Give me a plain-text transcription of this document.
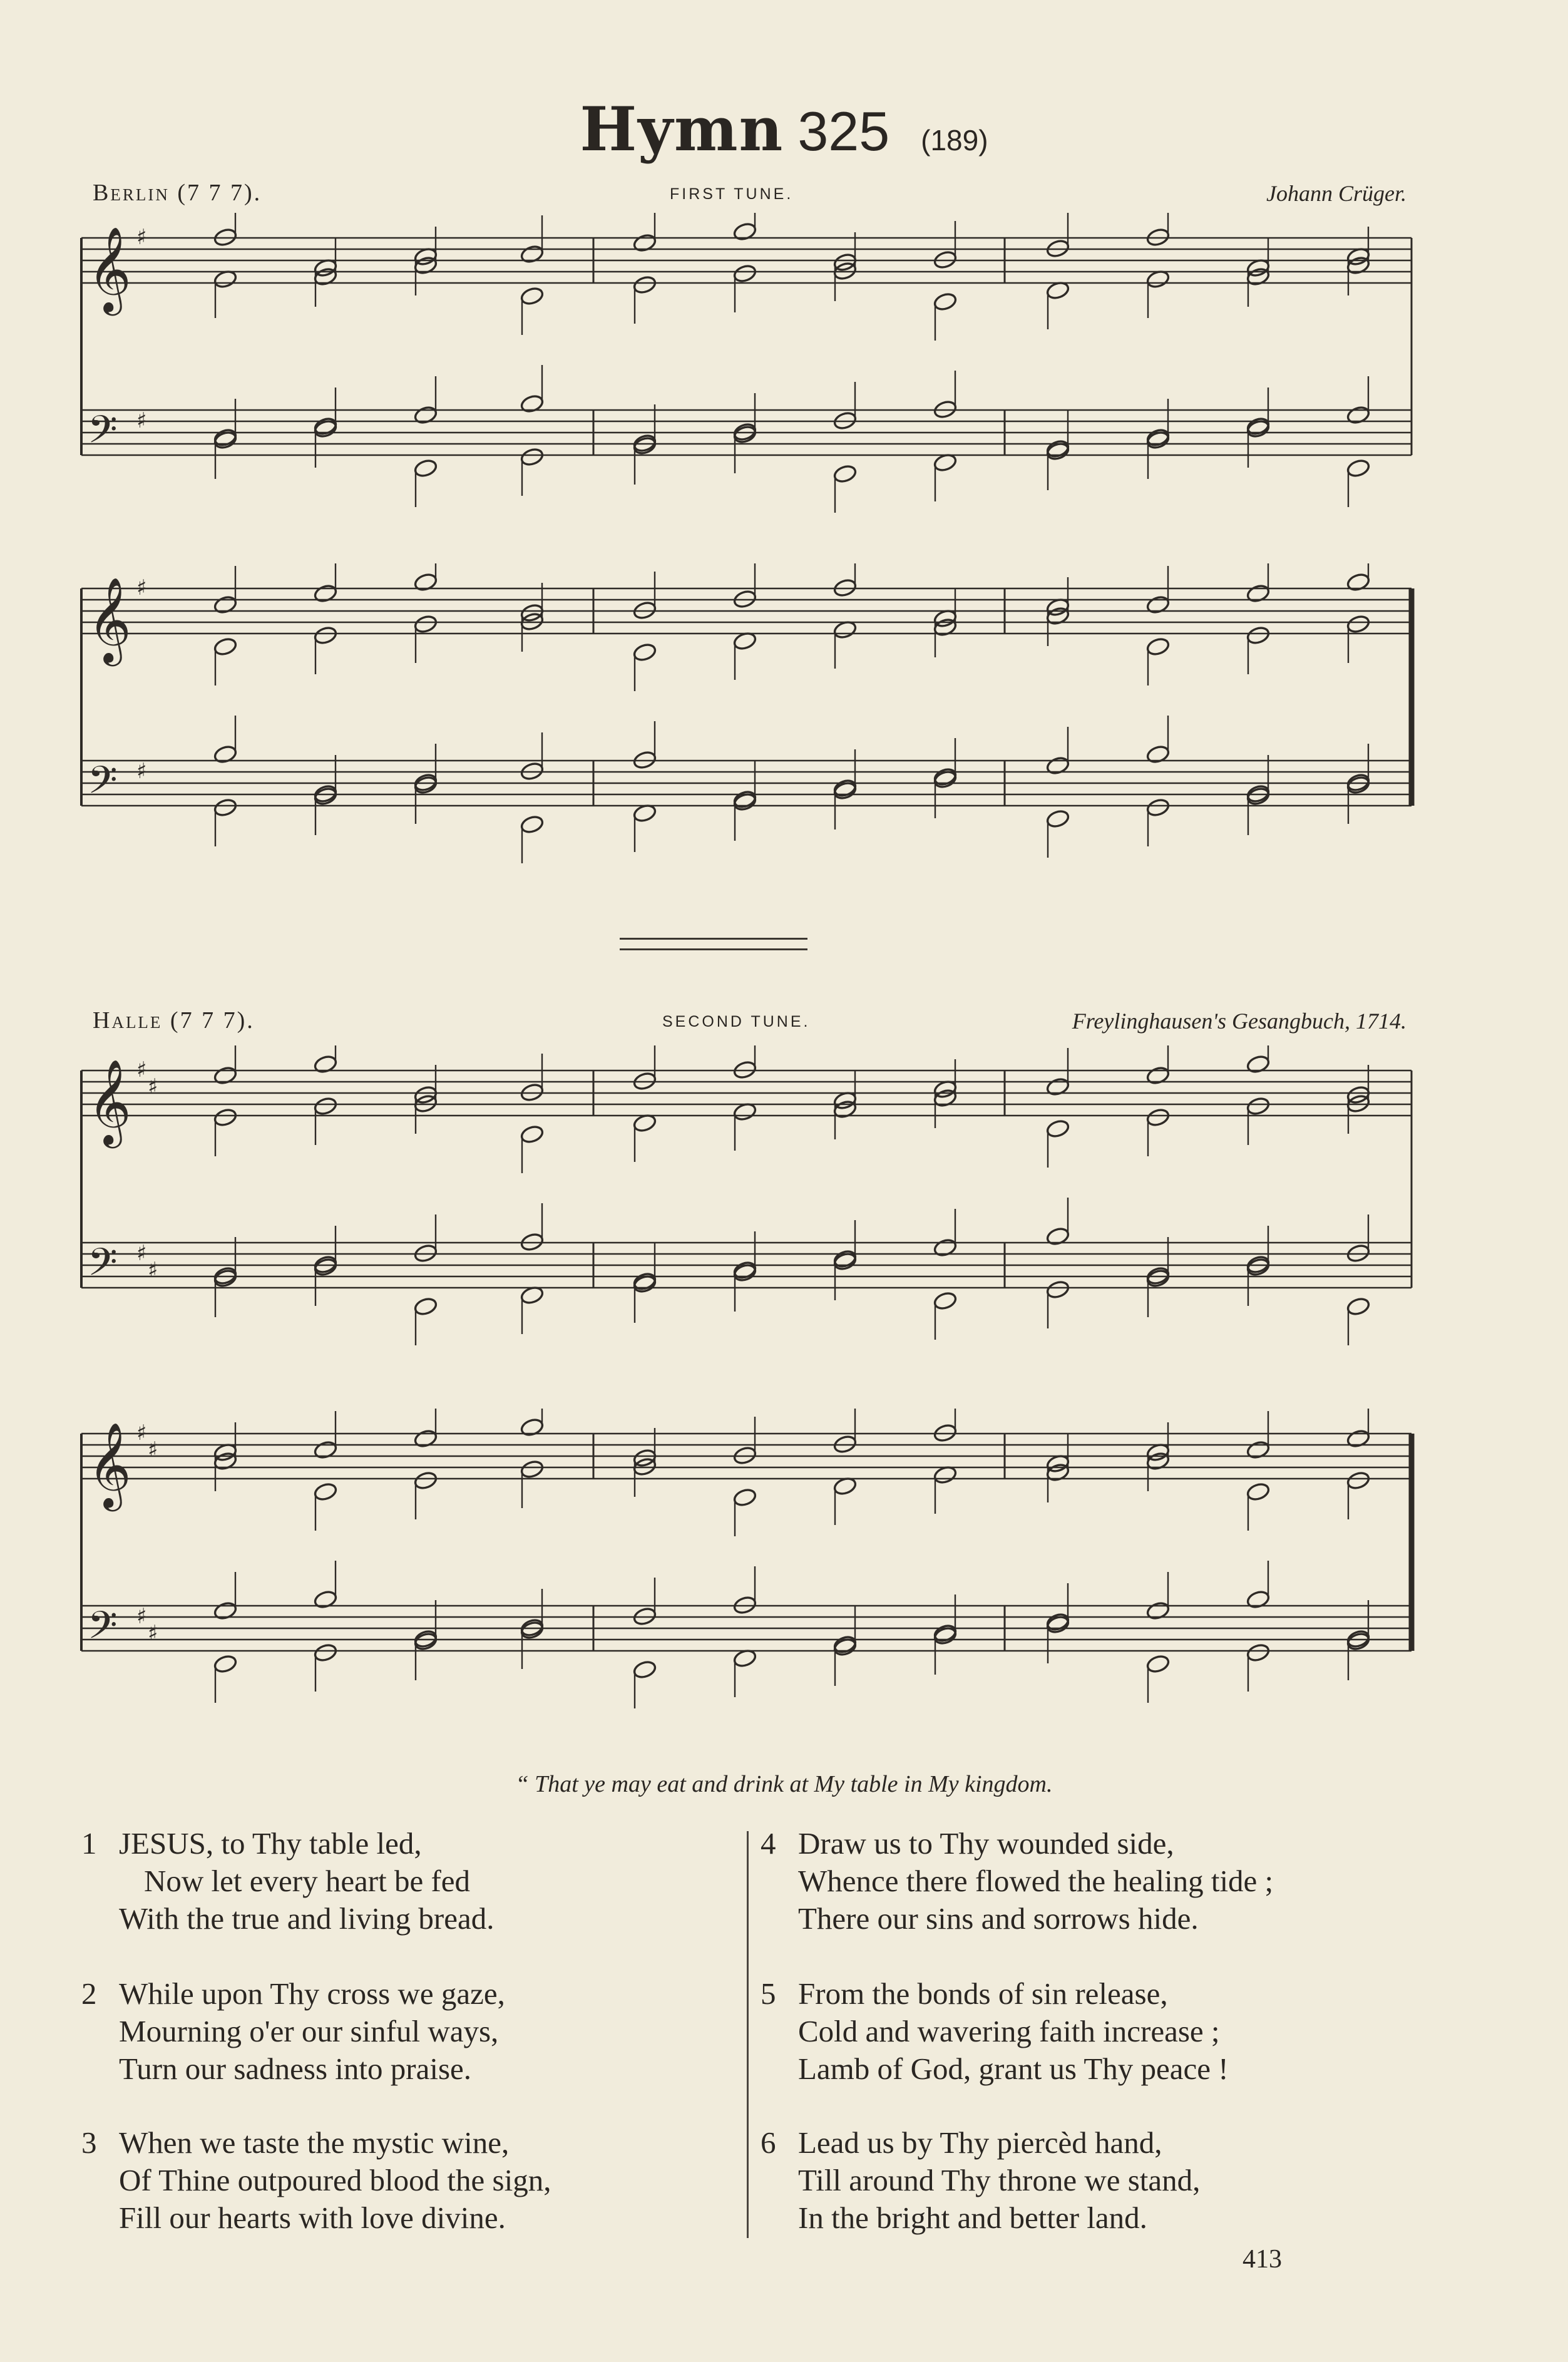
Hymn 325 (189)
Berlin (7 7 7).	FIRST TUNE.	Johann Crüger.
𝄞 ♯
𝄢 ♯
𝄞 ♯
𝄢 ♯
Halle (7 7 7).	SECOND TUNE.	Freylinghausen's Gesangbuch, 1714.
𝄞 ♯
♯
𝄢 ♯
♯
𝄞 ♯
♯
𝄢 ♯
♯
“ That ye may eat and drink at My table in My kingdom.
1 JESUS, to Thy table led,
Now let every heart be fed
With the true and living bread.
2 While upon Thy cross we gaze,
Mourning o'er our sinful ways,
Turn our sadness into praise.
3 When we taste the mystic wine,
Of Thine outpoured blood the sign,
Fill our hearts with love divine.
4 Draw us to Thy wounded side,
Whence there flowed the healing tide ;
There our sins and sorrows hide.
5 From the bonds of sin release,
Cold and wavering faith increase ;
Lamb of God, grant us Thy peace !
6 Lead us by Thy piercèd hand,
Till around Thy throne we stand,
In the bright and better land.
413
